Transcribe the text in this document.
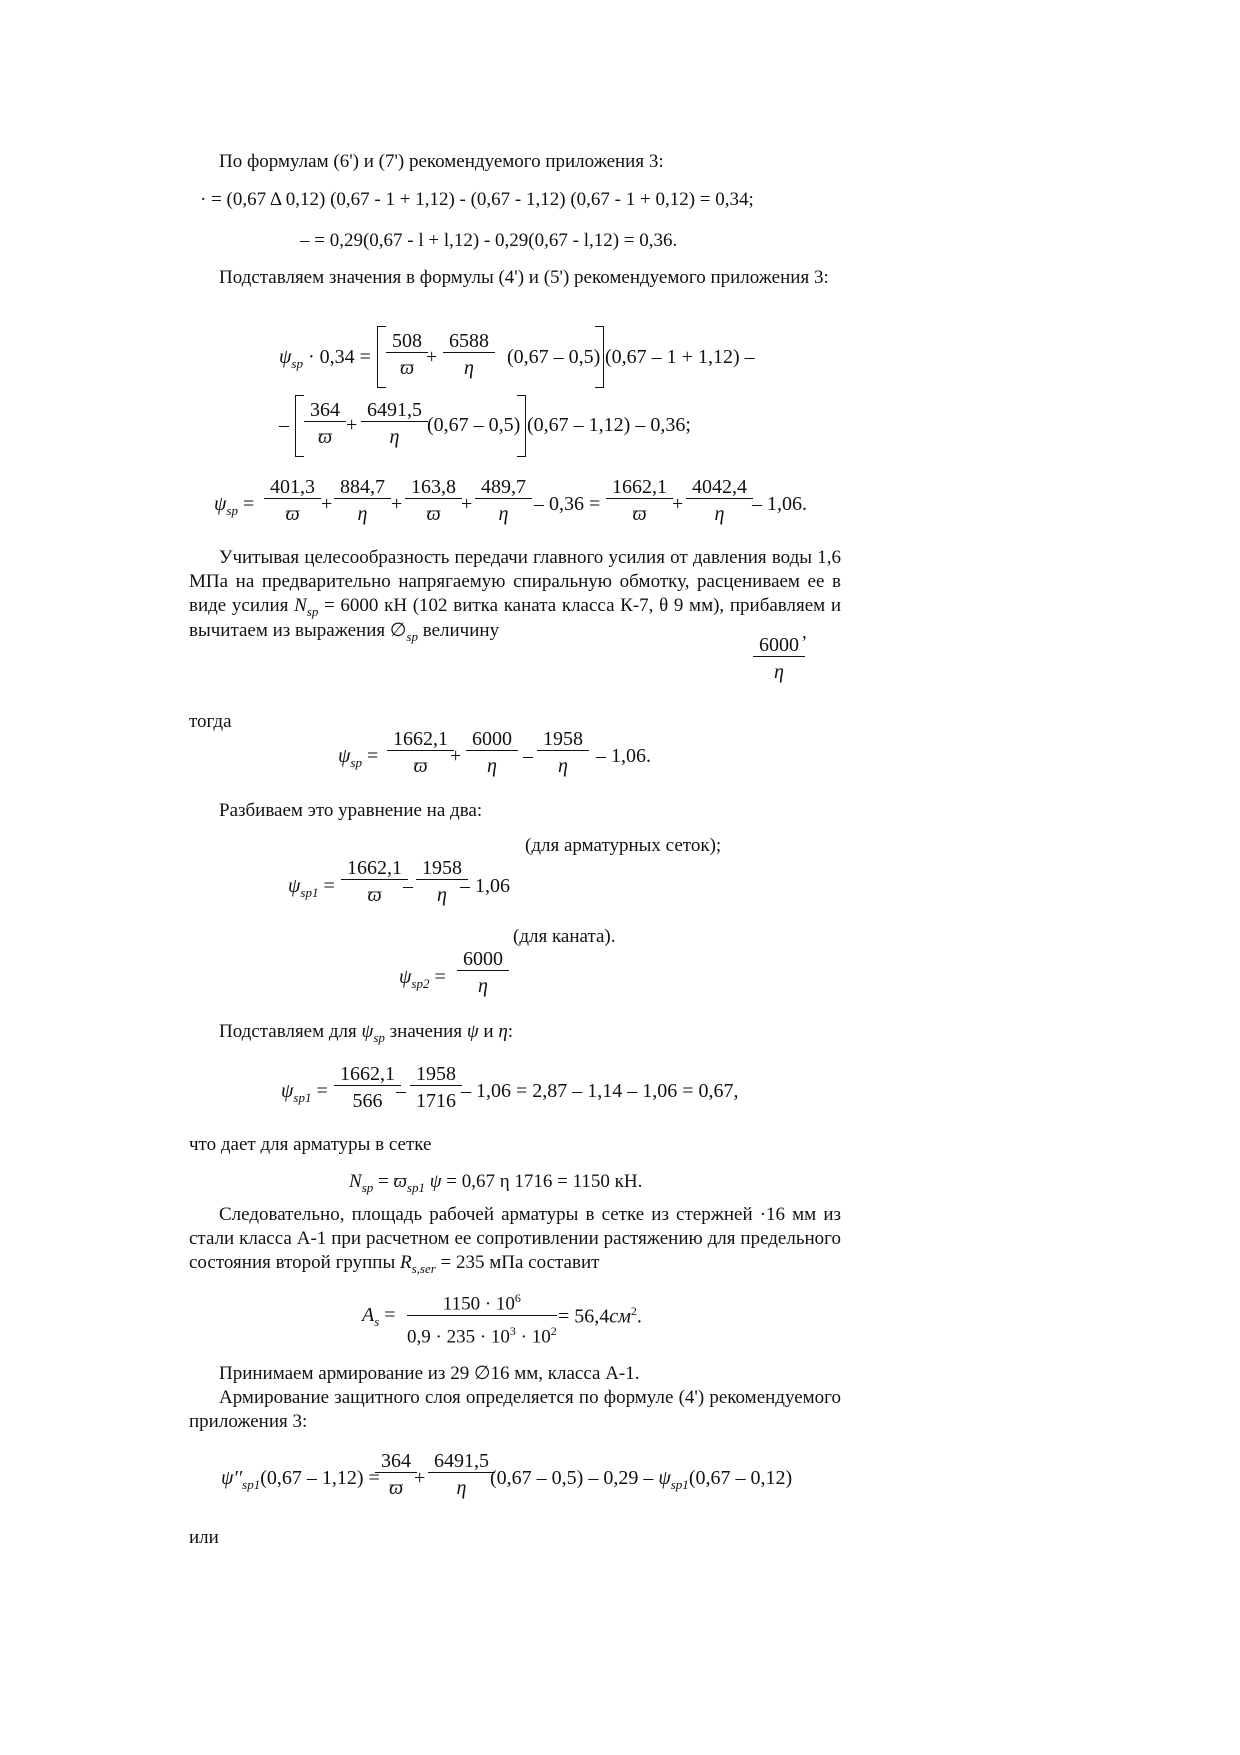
По формулам (6') и (7') рекомендуемого приложения 3:
· = (0,67 Δ 0,12) (0,67 - 1 + 1,12) - (0,67 - 1,12) (0,67 - 1 + 0,12) = 0,34;
– = 0,29(0,67 - l + l,12) - 0,29(0,67 - l,12) = 0,36.
Подставляем значения в формулы (4') и (5') рекомендуемого приложения 3:
$\psi_{sp} \cdot 0,34 = \frac{508}{ϖ}$
+ $\frac{6588}{\eta} (0,67 - 0,5)$ (0,67 – 1 + 1,12) –
– $\frac{364}{ϖ} + \frac{6491,5}{\eta} (0,67 - 0,5)$ (0,67 – 1,12) – 0,36;
$\psi_{sp} = \frac{401,3}{ϖ} + \frac{884,7}{\eta} + \frac{163,8}{ϖ} + \frac{489,7}{\eta} - 0,36 = \frac{1662,1}{ϖ} + \frac{4042,4}{\eta} - 1,06$.
Учитывая целесообразность передачи главного усилия от давления воды 1,6 МПа на предварительно напрягаемую спиральную обмотку, расцениваем ее в виде усилия $N_{sp} = 6000$ кН (102 витка каната класса К-7, θ 9 мм), прибавляем и вычитаем из выражения $\emptyset_{sp}$ величину	,
$\frac{6000}{\eta}$
тогда
$\psi_{sp} = \frac{1662,1}{ϖ}$
+ $\frac{6000}{\eta} - \frac{1958}{\eta} - 1,06$.
Разбиваем это уравнение на два:
(для арматурных сеток);
$\psi_{sp1} = \frac{1662,1}{ϖ}$
– $\frac{1958}{\eta}$
– 1,06
(для каната).
$\psi_{sp2} = \frac{6000}{\eta}$
Подставляем для $\psi_{sp}$ значения ψ и η:
$\psi_{sp1} = \frac{1662,1}{566}$
– $\frac{1958}{1716} - 1,06 = 2,87 - 1,14 - 1,06 = 0,67$,
что дает для арматуры в сетке
$N_{sp} = ϖ_{sp1}$ ψ = 0,67 η 1716 = 1150 кН.
Следовательно, площадь рабочей арматуры в сетке из стержней ·16 мм из стали класса А-1 при расчетном ее сопротивлении растяжению для предельного состояния второй группы $R_{s,ser} = 235$ мПа составит
$A_s = \frac{1150 \cdot 10^6}{0,9 \cdot 235 \cdot 10^3 \cdot 10^2} = 56,4см^2$.
Принимаем армирование из 29 ∅16 мм, класса А-1.
Армирование защитного слоя определяется по формуле (4') рекомендуемого приложения 3:
$\psi''_{sp1}(0,67 - 1,12)$ =
$\frac{364}{ϖ}$
+ $\frac{6491,5}{\eta}$
$(0,67 - 0,5) - 0,29 - \psi_{sp1}(0,67 - 0,12)$
или
